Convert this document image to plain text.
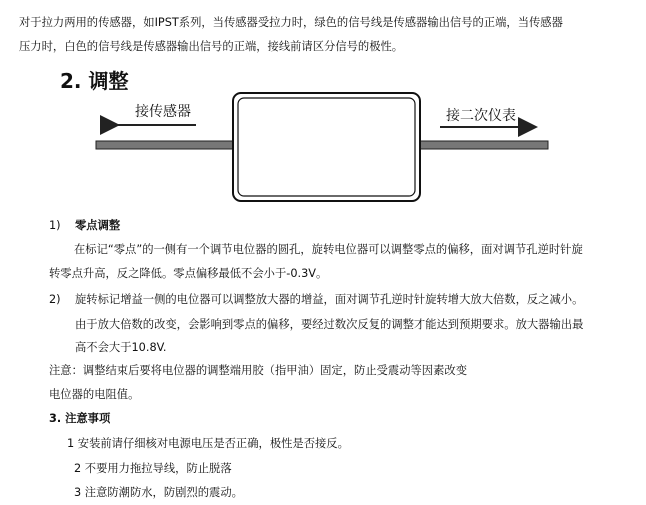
对于拉力两用的传感器，如IPST系列，当传感器受拉力时，绿色的信号线是传感器输出信号的正端，当传感器
压力时，白色的信号线是传感器输出信号的正端，接线前请区分信号的极性。
2. 调整
接传感器	接二次仪表
1) 零点调整
在标记“零点”的一侧有一个调节电位器的圆孔，旋转电位器可以调整零点的偏移，面对调节孔逆时针旋
转零点升高，反之降低。零点偏移最低不会小于-0.3V。
2) 旋转标记增益一侧的电位器可以调整放大器的增益，面对调节孔逆时针旋转增大放大倍数，反之减小。
由于放大倍数的改变，会影响到零点的偏移，要经过数次反复的调整才能达到预期要求。放大器输出最
高不会大于10.8V.
注意：调整结束后要将电位器的调整端用胶（指甲油）固定，防止受震动等因素改变
电位器的电阻值。
3. 注意事项
1 安装前请仔细核对电源电压是否正确，极性是否接反。
2 不要用力拖拉导线，防止脱落
3 注意防潮防水，防剧烈的震动。
